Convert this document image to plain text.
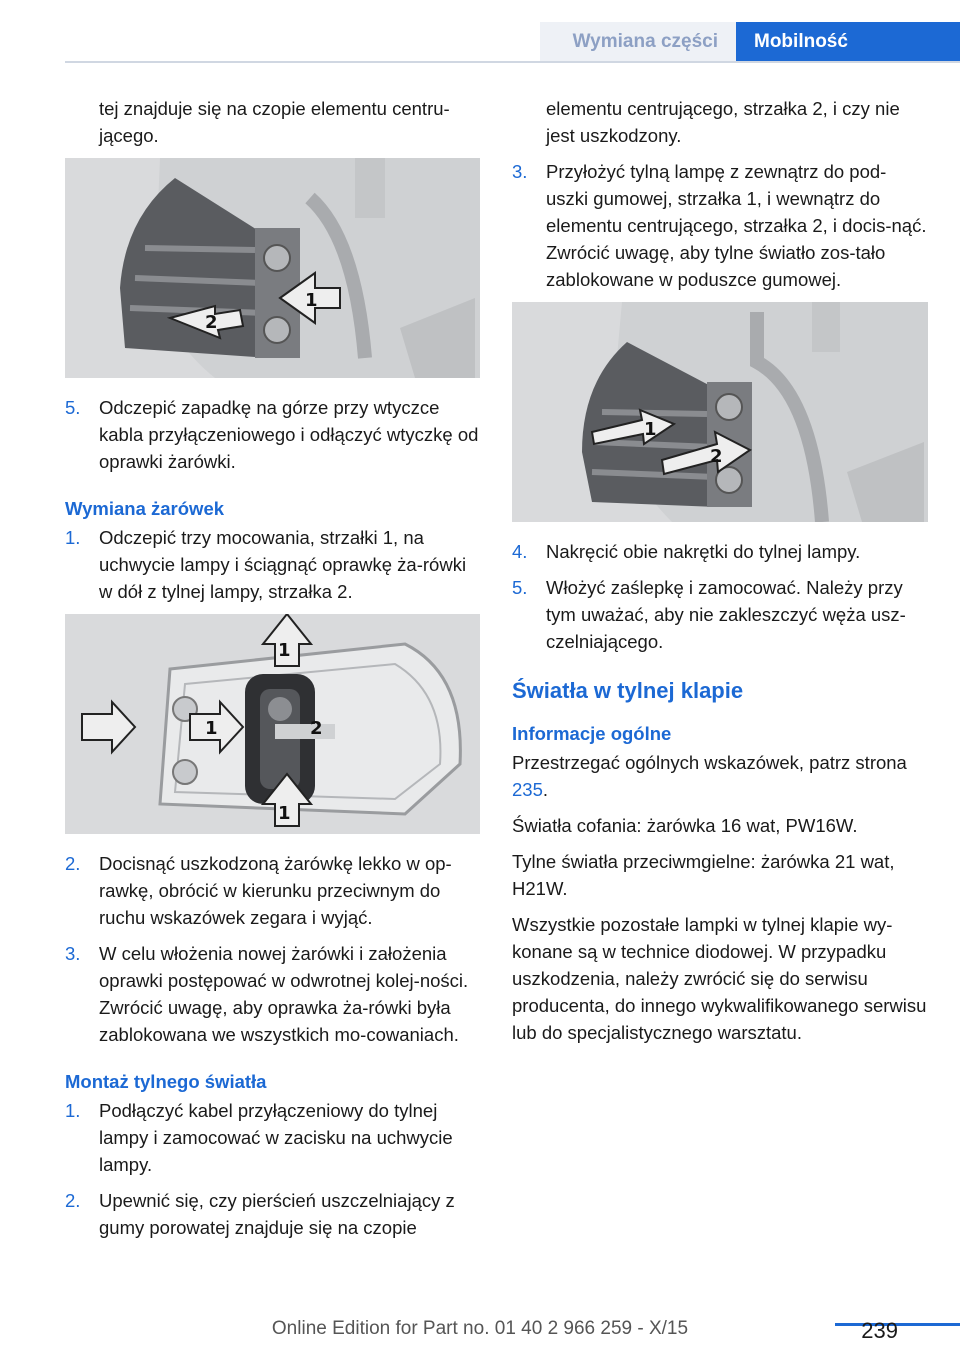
Wymiana części Mobilność

tej znajduje się na czopie elementu centru‐jącego.

1
2
5.	Odczepić zapadkę na górze przy wtyczce kabla przyłączeniowego i odłączyć wtyczkę od oprawki żarówki.
Wymiana żarówek
1.	Odczepić trzy mocowania, strzałki 1, na uchwycie lampy i ściągnąć oprawkę ża‐rówki w dół z tylnej lampy, strzałka 2.
1
1	2
1
2.	Docisnąć uszkodzoną żarówkę lekko w op‐rawkę, obrócić w kierunku przeciwnym do ruchu wskazówek zegara i wyjąć.
3.	W celu włożenia nowej żarówki i założenia oprawki postępować w odwrotnej kolej‐ności. Zwrócić uwagę, aby oprawka ża‐rówki była zablokowana we wszystkich mo‐cowaniach.
Montaż tylnego światła
1.	Podłączyć kabel przyłączeniowy do tylnej lampy i zamocować w zacisku na uchwycie lampy.
2.	Upewnić się, czy pierścień uszczelniający z gumy porowatej znajduje się na czopie

elementu centrującego, strzałka 2, i czy nie jest uszkodzony.

3.	Przyłożyć tylną lampę z zewnątrz do pod‐uszki gumowej, strzałka 1, i wewnątrz do elementu centrującego, strzałka 2, i docis‐nąć. Zwrócić uwagę, aby tylne światło zos‐tało zablokowane w poduszce gumowej.
1
2
4.	Nakręcić obie nakrętki do tylnej lampy.
5.	Włożyć zaślepkę i zamocować. Należy przy tym uważać, aby nie zakleszczyć węża usz‐czelniającego.
Światła w tylnej klapie
Informacje ogólne

Przestrzegać ogólnych wskazówek, patrz strona 235.

Światła cofania: żarówka 16 wat, PW16W.

Tylne światła przeciwmgielne: żarówka 21 wat, H21W.

Wszystkie pozostałe lampki w tylnej klapie wy‐konane są w technice diodowej. W przypadku uszkodzenia, należy zwrócić się do serwisu producenta, do innego wykwalifikowanego serwisu lub do specjalistycznego warsztatu.

239
Online Edition for Part no. 01 40 2 966 259 - X/15
